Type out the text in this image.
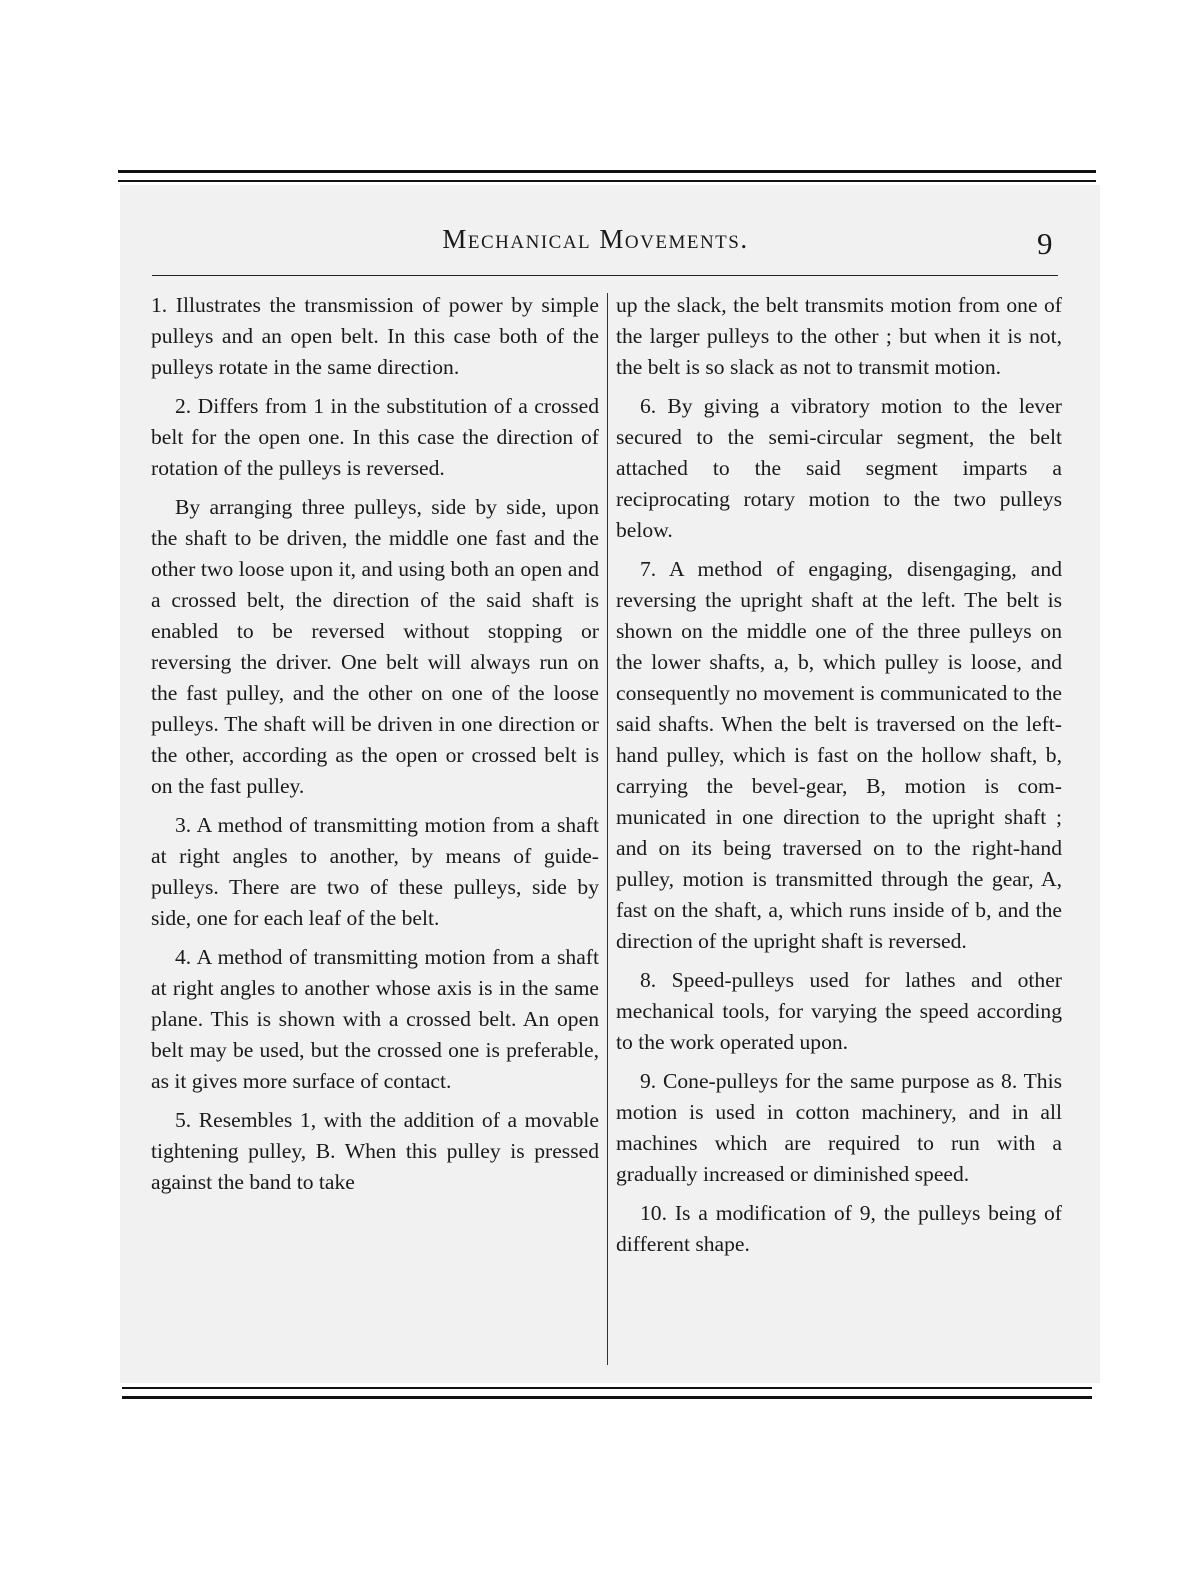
Mechanical Movements.	9

1. Illustrates the transmission of power by simple pulleys and an open belt. In this case both of the pulleys rotate in the same direction.

2. Differs from 1 in the substitution of a crossed belt for the open one. In this case the direction of rotation of the pulleys is reversed.

By arranging three pulleys, side by side, upon the shaft to be driven, the middle one fast and the other two loose upon it, and using both an open and a crossed belt, the direction of the said shaft is enabled to be reversed without stopping or reversing the driver. One belt will always run on the fast pulley, and the other on one of the loose pulleys. The shaft will be driven in one direction or the other, according as the open or crossed belt is on the fast pulley.

3. A method of transmitting motion from a shaft at right angles to another, by means of guide-pulleys. There are two of these pulleys, side by side, one for each leaf of the belt.

4. A method of transmitting motion from a shaft at right angles to another whose axis is in the same plane. This is shown with a crossed belt. An open belt may be used, but the crossed one is preferable, as it gives more surface of contact.

5. Resembles 1, with the addition of a movable tightening pulley, B. When this pulley is pressed against the band to take

up the slack, the belt transmits motion from one of the larger pulleys to the other ; but when it is not, the belt is so slack as not to transmit motion.

6. By giving a vibratory motion to the lever secured to the semi-circular segment, the belt attached to the said segment imparts a reciprocating rotary motion to the two pulleys below.

7. A method of engaging, disengaging, and reversing the upright shaft at the left. The belt is shown on the middle one of the three pulleys on the lower shafts, a, b, which pulley is loose, and consequently no movement is communicated to the said shafts. When the belt is traversed on the left-hand pulley, which is fast on the hollow shaft, b, carrying the bevel-gear, B, motion is communicated in one direction to the upright shaft ; and on its being traversed on to the right-hand pulley, motion is transmitted through the gear, A, fast on the shaft, a, which runs inside of b, and the direction of the upright shaft is reversed.

8. Speed-pulleys used for lathes and other mechanical tools, for varying the speed according to the work operated upon.

9. Cone-pulleys for the same purpose as 8. This motion is used in cotton machinery, and in all machines which are required to run with a gradually increased or diminished speed.

10. Is a modification of 9, the pulleys being of different shape.
